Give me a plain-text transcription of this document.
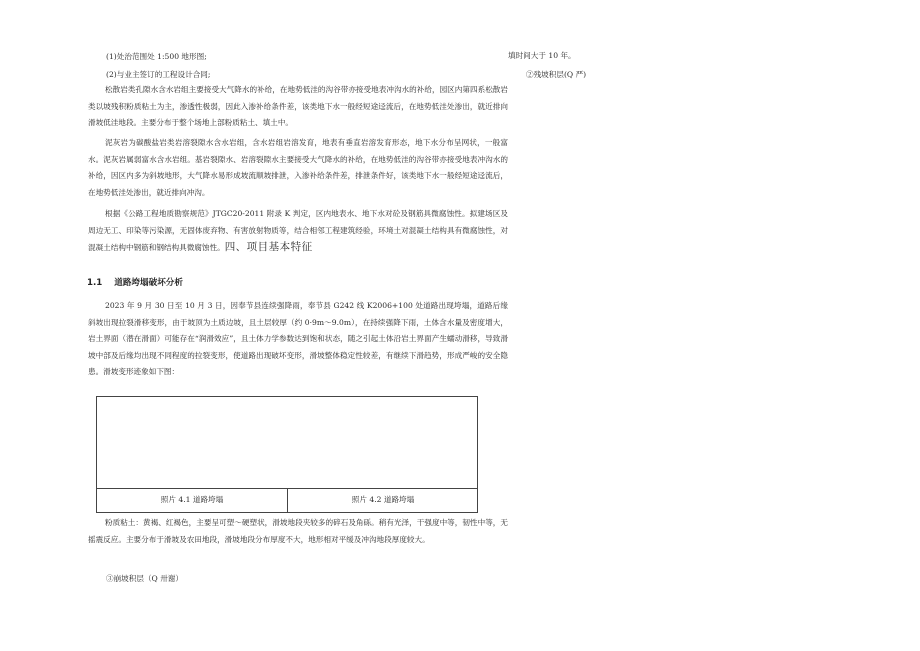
(1)处治范围处 1:500 地形图;
(2)与业主签订的工程设计合同;
松散岩类孔隙水含水岩组主要接受大气降水的补给，在地势低洼的沟谷带亦接受地表冲沟水的补给，园区内第四系松散岩类以坡残积粉质粘土为主，渗透性极弱，因此入渗补给条件差，该类地下水一般经短途迳流后，在地势低洼处渗出，就近排向滑坡低洼地段。主要分布于整个场地上部粉质粘土、填土中。
泥灰岩为碳酸盐岩类岩溶裂隙水含水岩组，含水岩组岩溶发育，地表有垂直岩溶发育形态，地下水分布呈网状，一般富水。泥灰岩属弱富水含水岩组。基岩裂隙水、岩溶裂隙水主要接受大气降水的补给，在地势低洼的沟谷带亦接受地表冲沟水的补给，因区内多为斜坡地形，大气降水易形成坡流顺坡排泄，入渗补给条件差，排泄条件好，该类地下水一般经短途迳流后，在地势低洼处渗出，就近排向冲沟。
根据《公路工程地质勘察规范》JTGC20-2011 附录 K 判定，区内地表水、地下水对砼及钢筋具微腐蚀性。拟建场区及周边无工、印染等污染源，无固体废弃物、有害放射物质等，结合相邻工程建筑经验，环境土对混凝土结构具有微腐蚀性，对混凝土结构中钢筋和钢结构具微腐蚀性。四、项目基本特征
1.1 道路垮塌破坏分析
2023 年 9 月 30 日至 10 月 3 日，因奉节县连续强降雨，奉节县 G242 线 K2006+100 处道路出现垮塌，道路后缘斜坡出现拉裂滑移变形，由于坡顶为土质边坡，且土层较厚（约 0·9m～9.0m），在持续强降下雨，土体含水量及密度增大，岩土界面（潜在滑面）可能存在“润滑效应”，且土体力学参数达到饱和状态，随之引起土体沿岩土界面产生蠕动滑移，导致滑坡中部及后缘均出现不同程度的拉裂变形，使道路出现破坏变形，滑坡整体稳定性较差，有继续下滑趋势，形成严峻的安全隐患。滑坡变形迹象如下图：
照片 4.1 道路垮塌	照片 4.2 道路垮塌
粉质粘土：黄褐、红褐色，主要呈可塑～硬塑状，滑坡地段夹较多的碎石及角砾。稍有光泽，干强度中等，韧性中等，无摇震反应。主要分布于滑坡及农田地段，滑坡地段分布厚度不大，地形相对平缓及冲沟地段厚度较大。
③崩坡积层（Q 卅谢）
填时间大于 10 年。
②残坡积层(Q 严)
